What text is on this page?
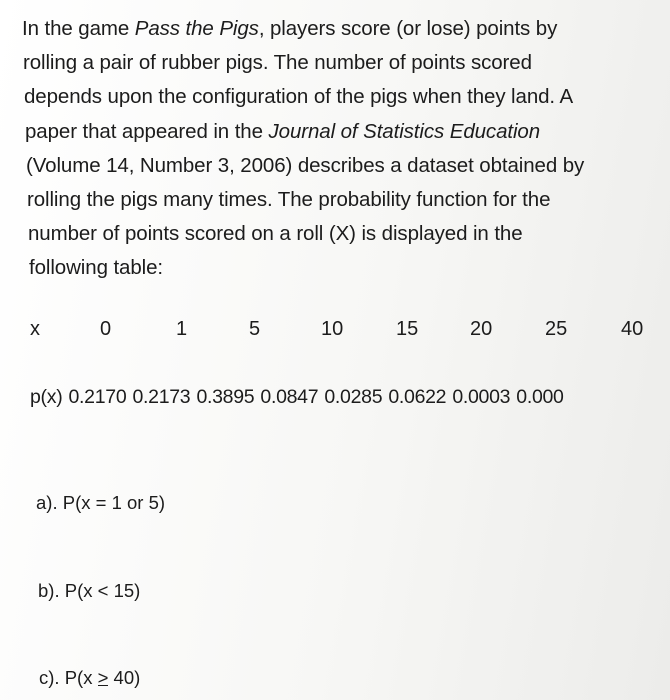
In the game Pass the Pigs, players score (or lose) points by
rolling a pair of rubber pigs. The number of points scored
depends upon the configuration of the pigs when they land. A
paper that appeared in the Journal of Statistics Education
(Volume 14, Number 3, 2006) describes a dataset obtained by
rolling the pigs many times. The probability function for the
number of points scored on a roll (X) is displayed in the
following table:
x	0	1	5	10	15	20	25	40
p(x) 0.2170 0.2173 0.3895 0.0847 0.0285 0.0622 0.0003 0.000
a). P(x = 1 or 5)
b). P(x < 15)
c). P(x > 40)
